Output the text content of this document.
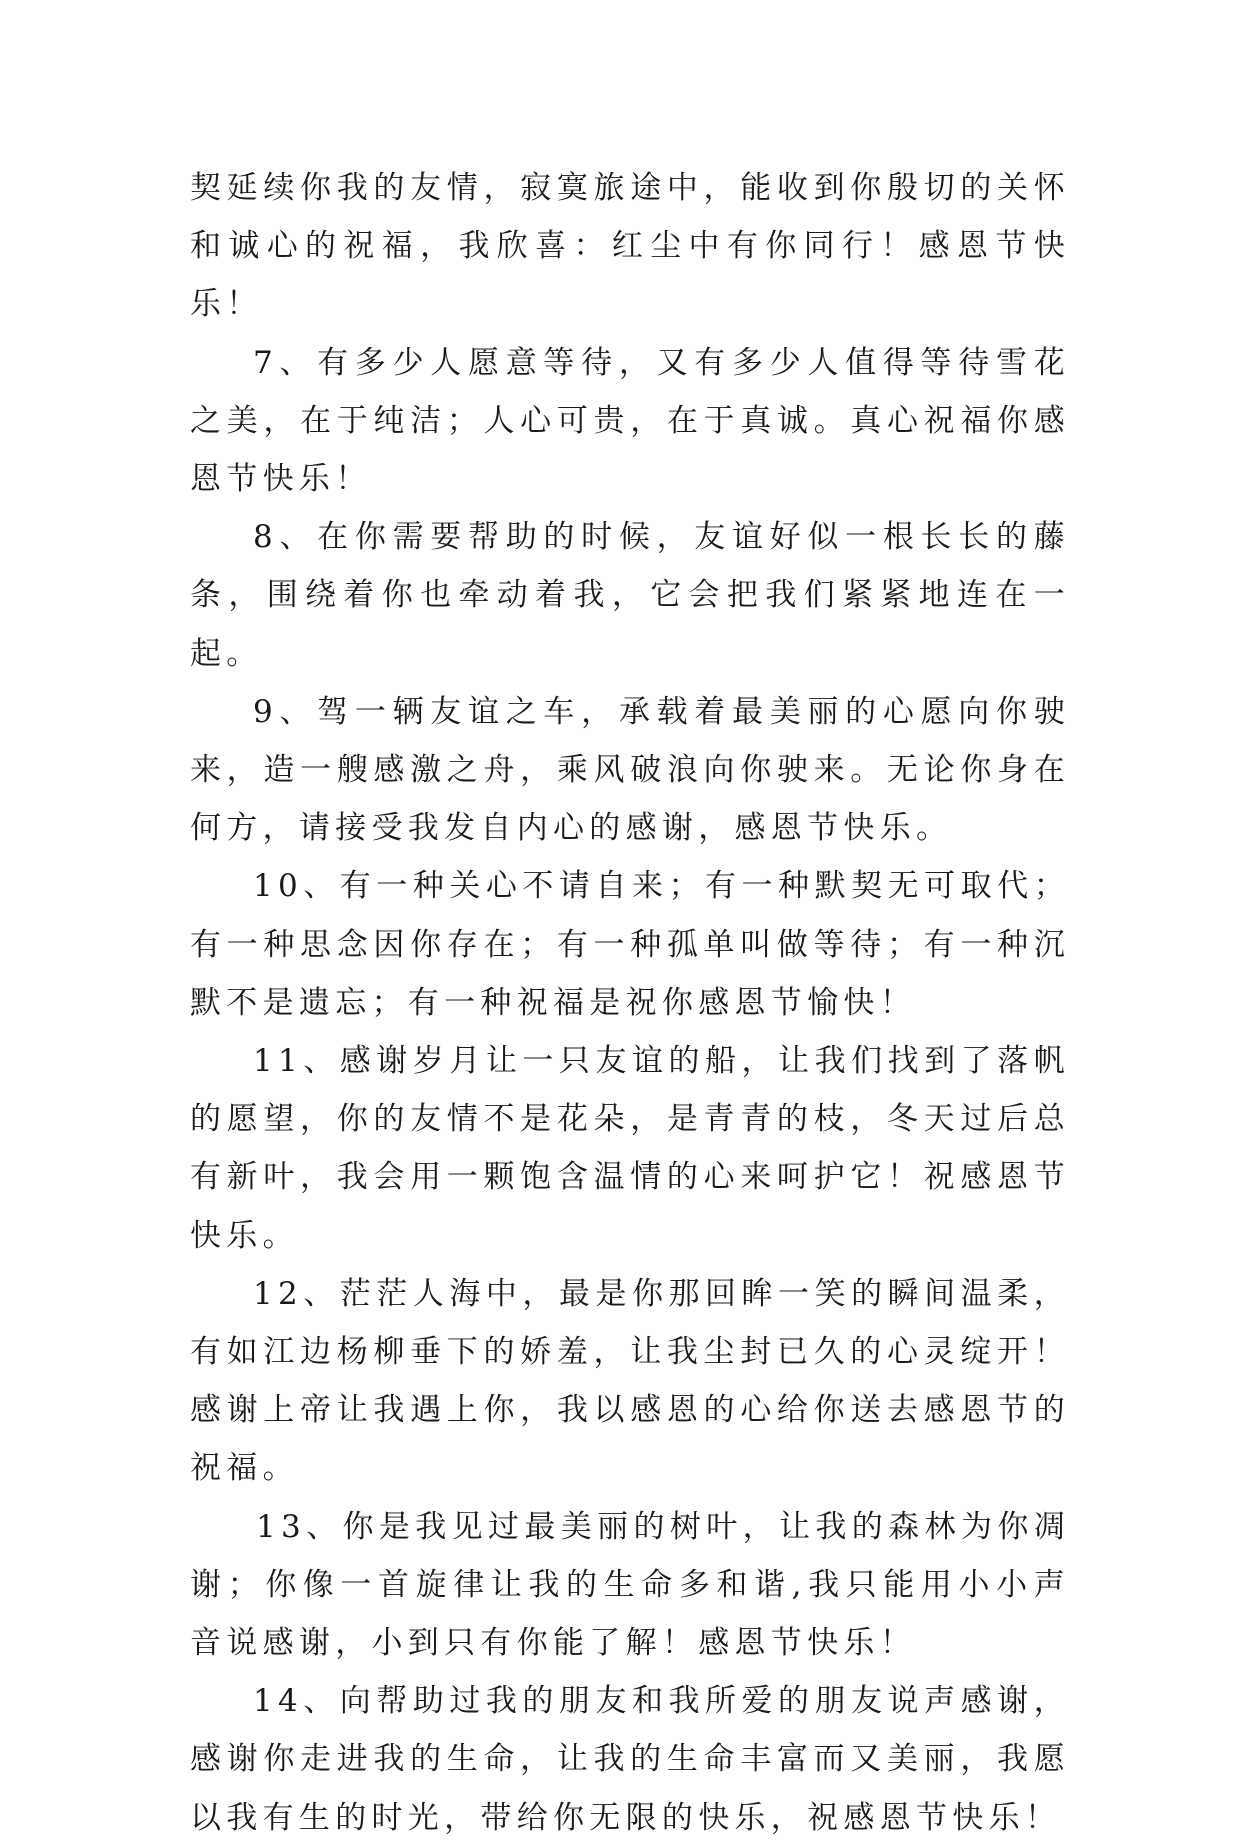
契延续你我的友情，寂寞旅途中，能收到你殷切的关怀和诚心的祝福，我欣喜：红尘中有你同行！感恩节快乐！

7、有多少人愿意等待，又有多少人值得等待雪花之美，在于纯洁；人心可贵，在于真诚。真心祝福你感恩节快乐！

8、在你需要帮助的时候，友谊好似一根长长的藤条，围绕着你也牵动着我，它会把我们紧紧地连在一起。

9、驾一辆友谊之车，承载着最美丽的心愿向你驶来，造一艘感激之舟，乘风破浪向你驶来。无论你身在何方，请接受我发自内心的感谢，感恩节快乐。

10、有一种关心不请自来；有一种默契无可取代；有一种思念因你存在；有一种孤单叫做等待；有一种沉默不是遗忘；有一种祝福是祝你感恩节愉快！

11、感谢岁月让一只友谊的船，让我们找到了落帆的愿望，你的友情不是花朵，是青青的枝，冬天过后总有新叶，我会用一颗饱含温情的心来呵护它！祝感恩节快乐。

12、茫茫人海中，最是你那回眸一笑的瞬间温柔，有如江边杨柳垂下的娇羞，让我尘封已久的心灵绽开！感谢上帝让我遇上你，我以感恩的心给你送去感恩节的祝福。

13、你是我见过最美丽的树叶，让我的森林为你凋谢；你像一首旋律让我的生命多和谐,我只能用小小声音说感谢，小到只有你能了解！感恩节快乐！

14、向帮助过我的朋友和我所爱的朋友说声感谢，感谢你走进我的生命，让我的生命丰富而又美丽，我愿以我有生的时光，带给你无限的快乐，祝感恩节快乐！
